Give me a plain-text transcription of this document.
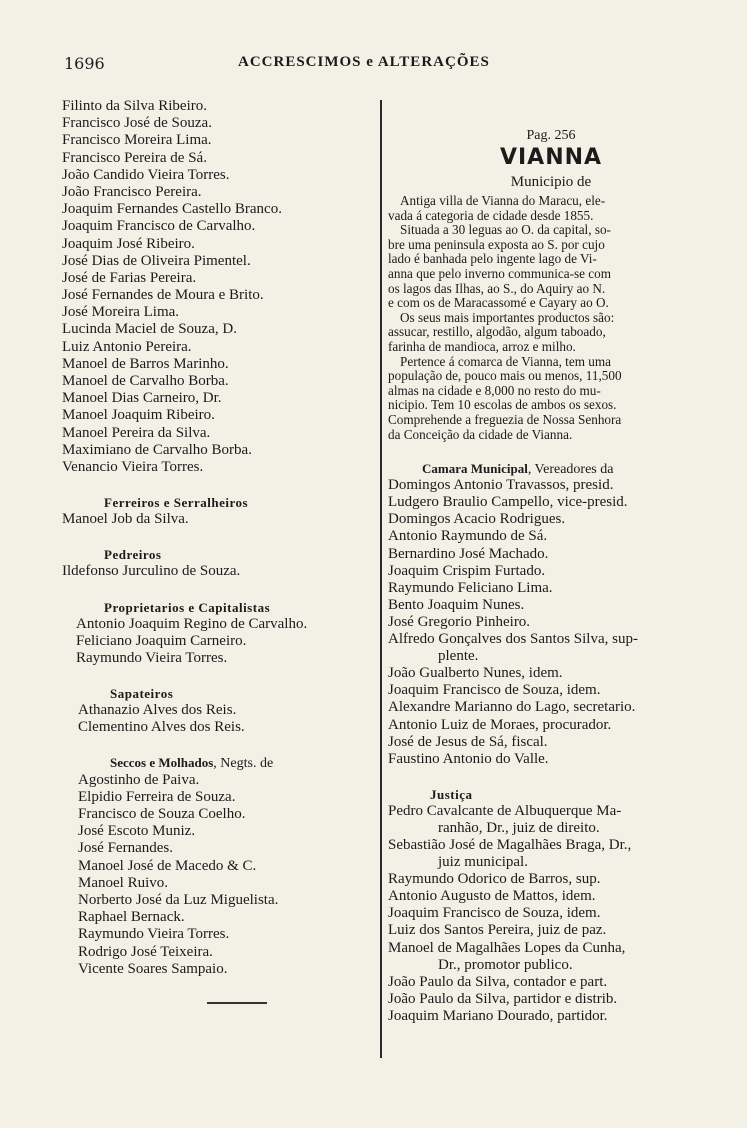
1696	ACCRESCIMOS e ALTERAÇÕES
Filinto da Silva Ribeiro.
Francisco José de Souza.
Francisco Moreira Lima.
Francisco Pereira de Sá.
João Candido Vieira Torres.
João Francisco Pereira.
Joaquim Fernandes Castello Branco.
Joaquim Francisco de Carvalho.
Joaquim José Ribeiro.
José Dias de Oliveira Pimentel.
José de Farias Pereira.
José Fernandes de Moura e Brito.
José Moreira Lima.
Lucinda Maciel de Souza, D.
Luiz Antonio Pereira.
Manoel de Barros Marinho.
Manoel de Carvalho Borba.
Manoel Dias Carneiro, Dr.
Manoel Joaquim Ribeiro.
Manoel Pereira da Silva.
Maximiano de Carvalho Borba.
Venancio Vieira Torres.
Ferreiros e Serralheiros
Manoel Job da Silva.
Pedreiros
Ildefonso Jurculino de Souza.
Proprietarios e Capitalistas
Antonio Joaquim Regino de Carvalho.
Feliciano Joaquim Carneiro.
Raymundo Vieira Torres.
Sapateiros
Athanazio Alves dos Reis.
Clementino Alves dos Reis.
Seccos e Molhados, Negts. de
Agostinho de Paiva.
Elpidio Ferreira de Souza.
Francisco de Souza Coelho.
José Escoto Muniz.
José Fernandes.
Manoel José de Macedo & C.
Manoel Ruivo.
Norberto José da Luz Miguelista.
Raphael Bernack.
Raymundo Vieira Torres.
Rodrigo José Teixeira.
Vicente Soares Sampaio.
Pag. 256
VIANNA
Municipio de
Antiga villa de Vianna do Maracu, ele-
vada á categoria de cidade desde 1855.
Situada a 30 leguas ao O. da capital, so-
bre uma peninsula exposta ao S. por cujo
lado é banhada pelo ingente lago de Vi-
anna que pelo inverno communica-se com
os lagos das Ilhas, ao S., do Aquiry ao N.
e com os de Maracassomé e Cayary ao O.
Os seus mais importantes productos são:
assucar, restillo, algodão, algum taboado,
farinha de mandioca, arroz e milho.
Pertence á comarca de Vianna, tem uma
população de, pouco mais ou menos, 11,500
almas na cidade e 8,000 no resto do mu-
nicipio. Tem 10 escolas de ambos os sexos.
Comprehende a freguezia de Nossa Senhora
da Conceição da cidade de Vianna.
Camara Municipal, Vereadores da
Domingos Antonio Travassos, presid.
Ludgero Braulio Campello, vice-presid.
Domingos Acacio Rodrigues.
Antonio Raymundo de Sá.
Bernardino José Machado.
Joaquim Crispim Furtado.
Raymundo Feliciano Lima.
Bento Joaquim Nunes.
José Gregorio Pinheiro.
Alfredo Gonçalves dos Santos Silva, sup-
plente.
João Gualberto Nunes, idem.
Joaquim Francisco de Souza, idem.
Alexandre Marianno do Lago, secretario.
Antonio Luiz de Moraes, procurador.
José de Jesus de Sá, fiscal.
Faustino Antonio do Valle.
Justiça
Pedro Cavalcante de Albuquerque Ma-
ranhão, Dr., juiz de direito.
Sebastião José de Magalhães Braga, Dr.,
juiz municipal.
Raymundo Odorico de Barros, sup.
Antonio Augusto de Mattos, idem.
Joaquim Francisco de Souza, idem.
Luiz dos Santos Pereira, juiz de paz.
Manoel de Magalhães Lopes da Cunha,
Dr., promotor publico.
João Paulo da Silva, contador e part.
João Paulo da Silva, partidor e distrib.
Joaquim Mariano Dourado, partidor.
